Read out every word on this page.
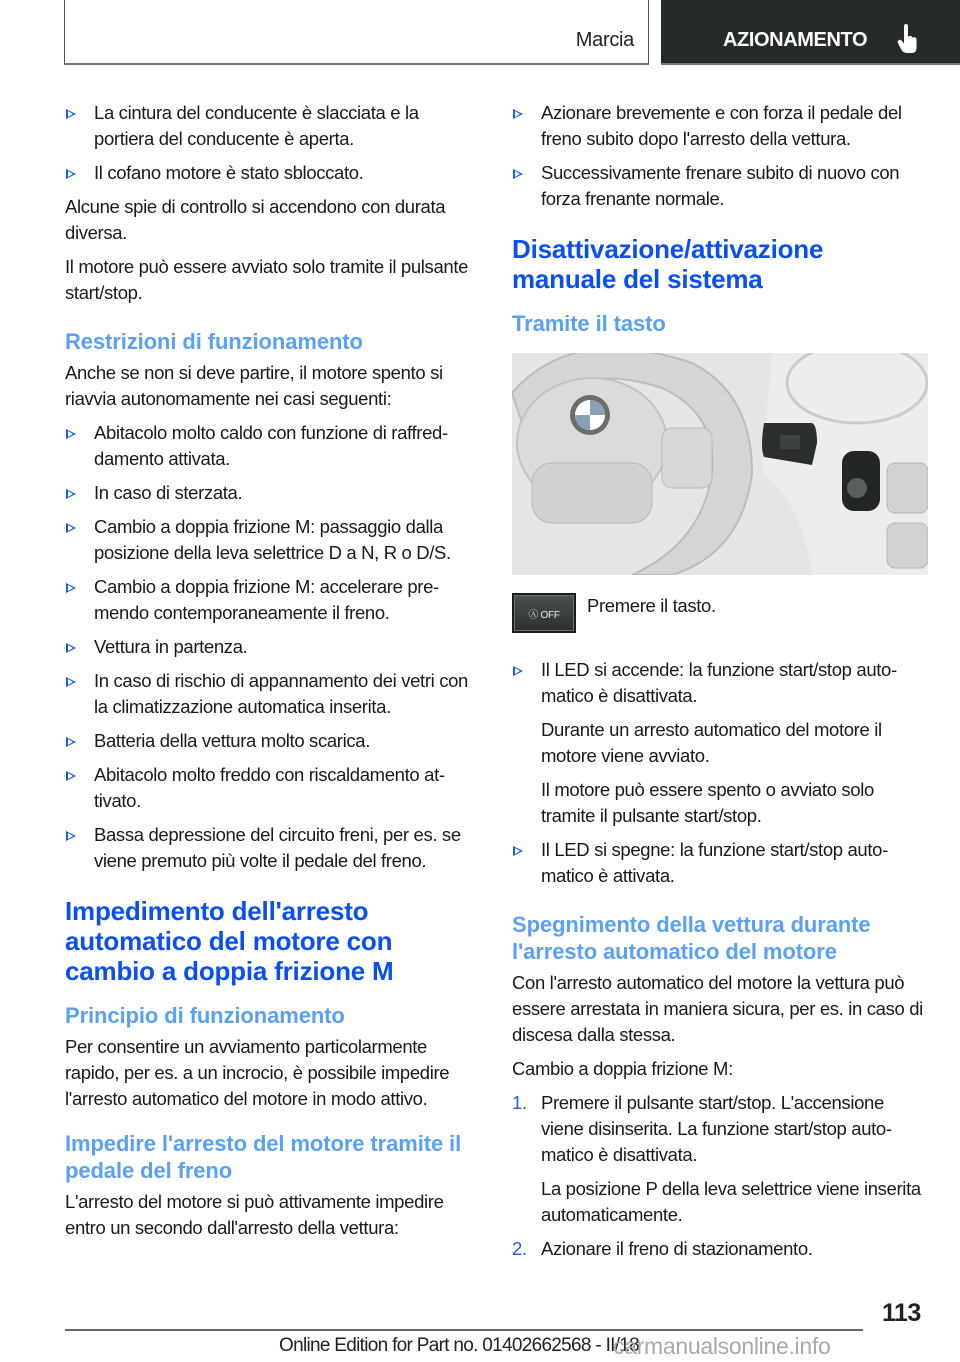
Marcia	AZIONAMENTO
La cintura del conducente è slacciata e la portiera del conducente è aperta.
Il cofano motore è stato sbloccato.

Alcune spie di controllo si accendono con durata diversa.

Il motore può essere avviato solo tramite il pulsante start/stop.

Restrizioni di funzionamento

Anche se non si deve partire, il motore spento si riavvia autonomamente nei casi seguenti:

Abitacolo molto caldo con funzione di raffreddamento attivata.
In caso di sterzata.
Cambio a doppia frizione M: passaggio dalla posizione della leva selettrice D a N, R o D/S.
Cambio a doppia frizione M: accelerare premendo contemporaneamente il freno.
Vettura in partenza.
In caso di rischio di appannamento dei vetri con la climatizzazione automatica inserita.
Batteria della vettura molto scarica.
Abitacolo molto freddo con riscaldamento attivato.
Bassa depressione del circuito freni, per es. se viene premuto più volte il pedale del freno.
Impedimento dell'arresto automatico del motore con cambio a doppia frizione M
Principio di funzionamento

Per consentire un avviamento particolarmente rapido, per es. a un incrocio, è possibile impedire l'arresto automatico del motore in modo attivo.

Impedire l'arresto del motore tramite il pedale del freno

L'arresto del motore si può attivamente impedire entro un secondo dall'arresto della vettura:

Azionare brevemente e con forza il pedale del freno subito dopo l'arresto della vettura.
Successivamente frenare subito di nuovo con forza frenante normale.
Disattivazione/attivazione manuale del sistema
Tramite il tasto
Ⓐ OFF	Premere il tasto.
Il LED si accende: la funzione start/stop automatico è disattivata.
Durante un arresto automatico del motore il motore viene avviato.
Il motore può essere spento o avviato solo tramite il pulsante start/stop.
Il LED si spegne: la funzione start/stop automatico è attivata.
Spegnimento della vettura durante l'arresto automatico del motore

Con l'arresto automatico del motore la vettura può essere arrestata in maniera sicura, per es. in caso di discesa dalla stessa.

Cambio a doppia frizione M:

1. Premere il pulsante start/stop. L'accensione viene disinserita. La funzione start/stop automatico è disattivata.
La posizione P della leva selettrice viene inserita automaticamente.
2. Azionare il freno di stazionamento.
113
Online Edition for Part no. 01402662568 - II/18
carmanualsonline.info
